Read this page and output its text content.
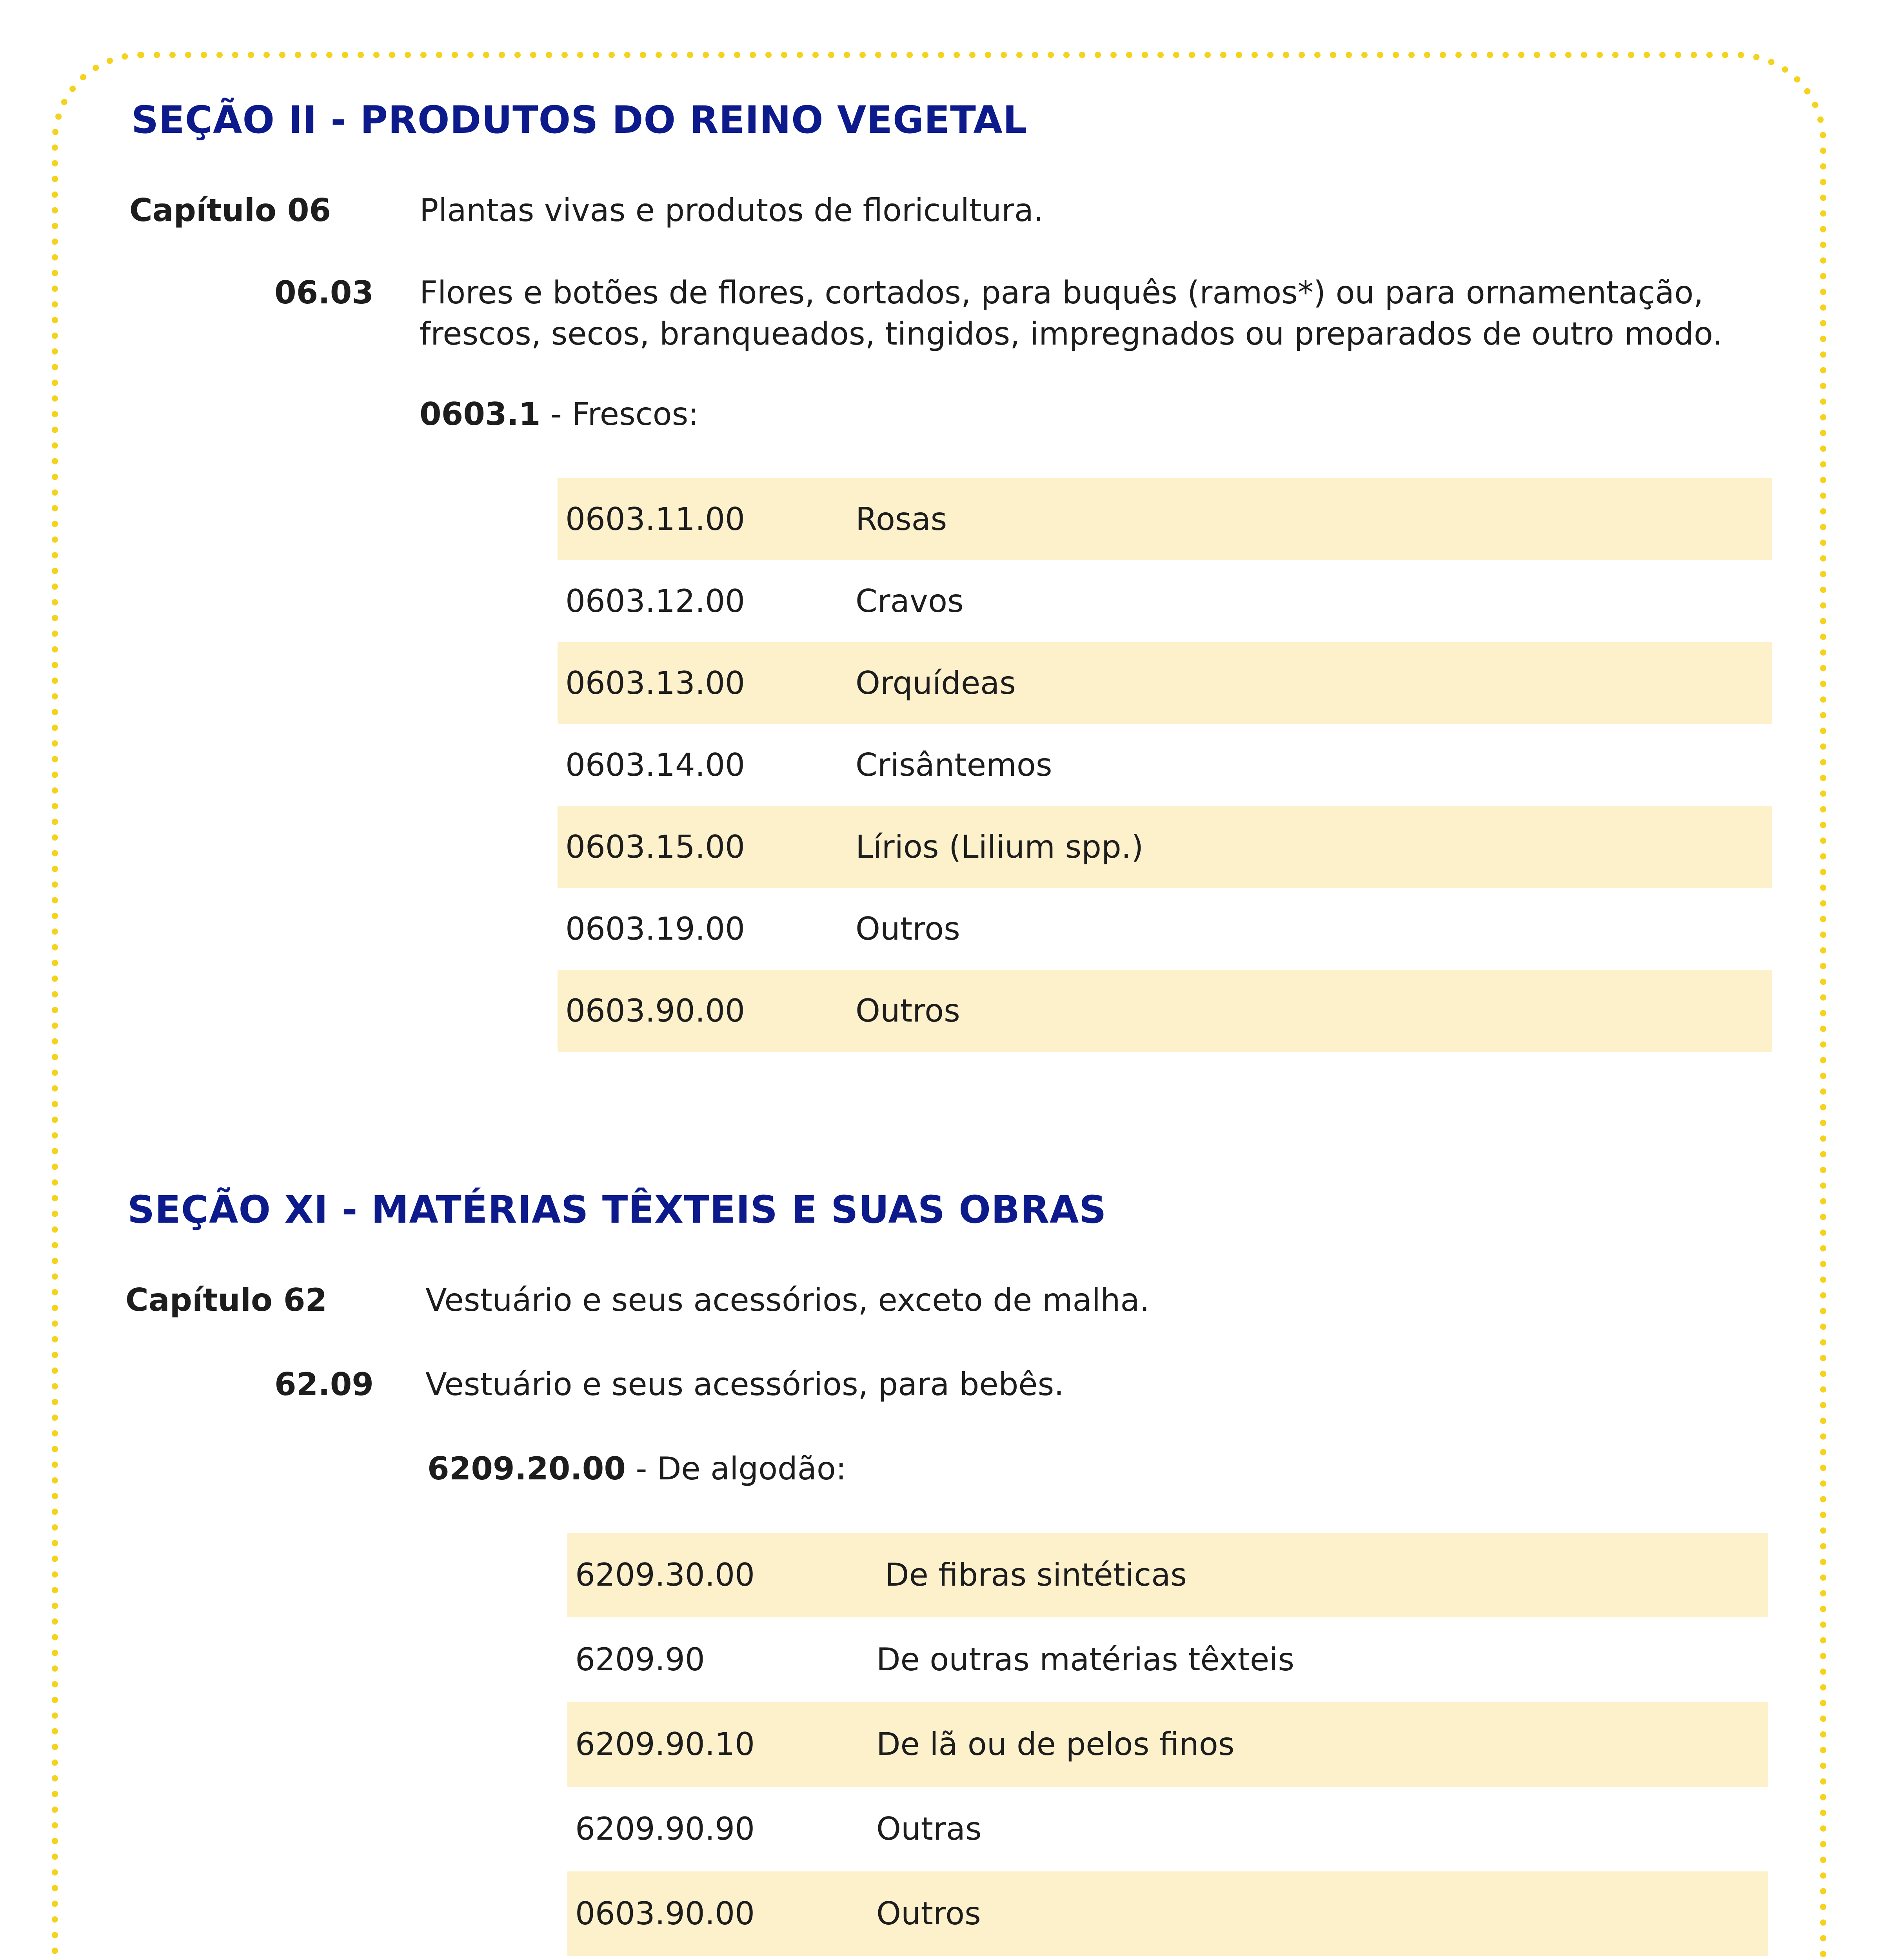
SEÇÃO II - PRODUTOS DO REINO VEGETAL
Capítulo 06	Plantas vivas e produtos de floricultura.
06.03 Flores e botões de flores, cortados, para buquês (ramos*) ou para ornamentação,
frescos, secos, branqueados, tingidos, impregnados ou preparados de outro modo.
0603.1 - Frescos:
0603.11.00	Rosas
0603.12.00	Cravos
0603.13.00	Orquídeas
0603.14.00	Crisântemos
0603.15.00	Lírios (Lilium spp.)
0603.19.00	Outros
0603.90.00	Outros
SEÇÃO XI - MATÉRIAS TÊXTEIS E SUAS OBRAS
Capítulo 62	Vestuário e seus acessórios, exceto de malha.
62.09 Vestuário e seus acessórios, para bebês.
6209.20.00 - De algodão:
6209.30.00	De fibras sintéticas
6209.90	De outras matérias têxteis
6209.90.10	De lã ou de pelos finos
6209.90.90	Outras
0603.90.00	Outros
